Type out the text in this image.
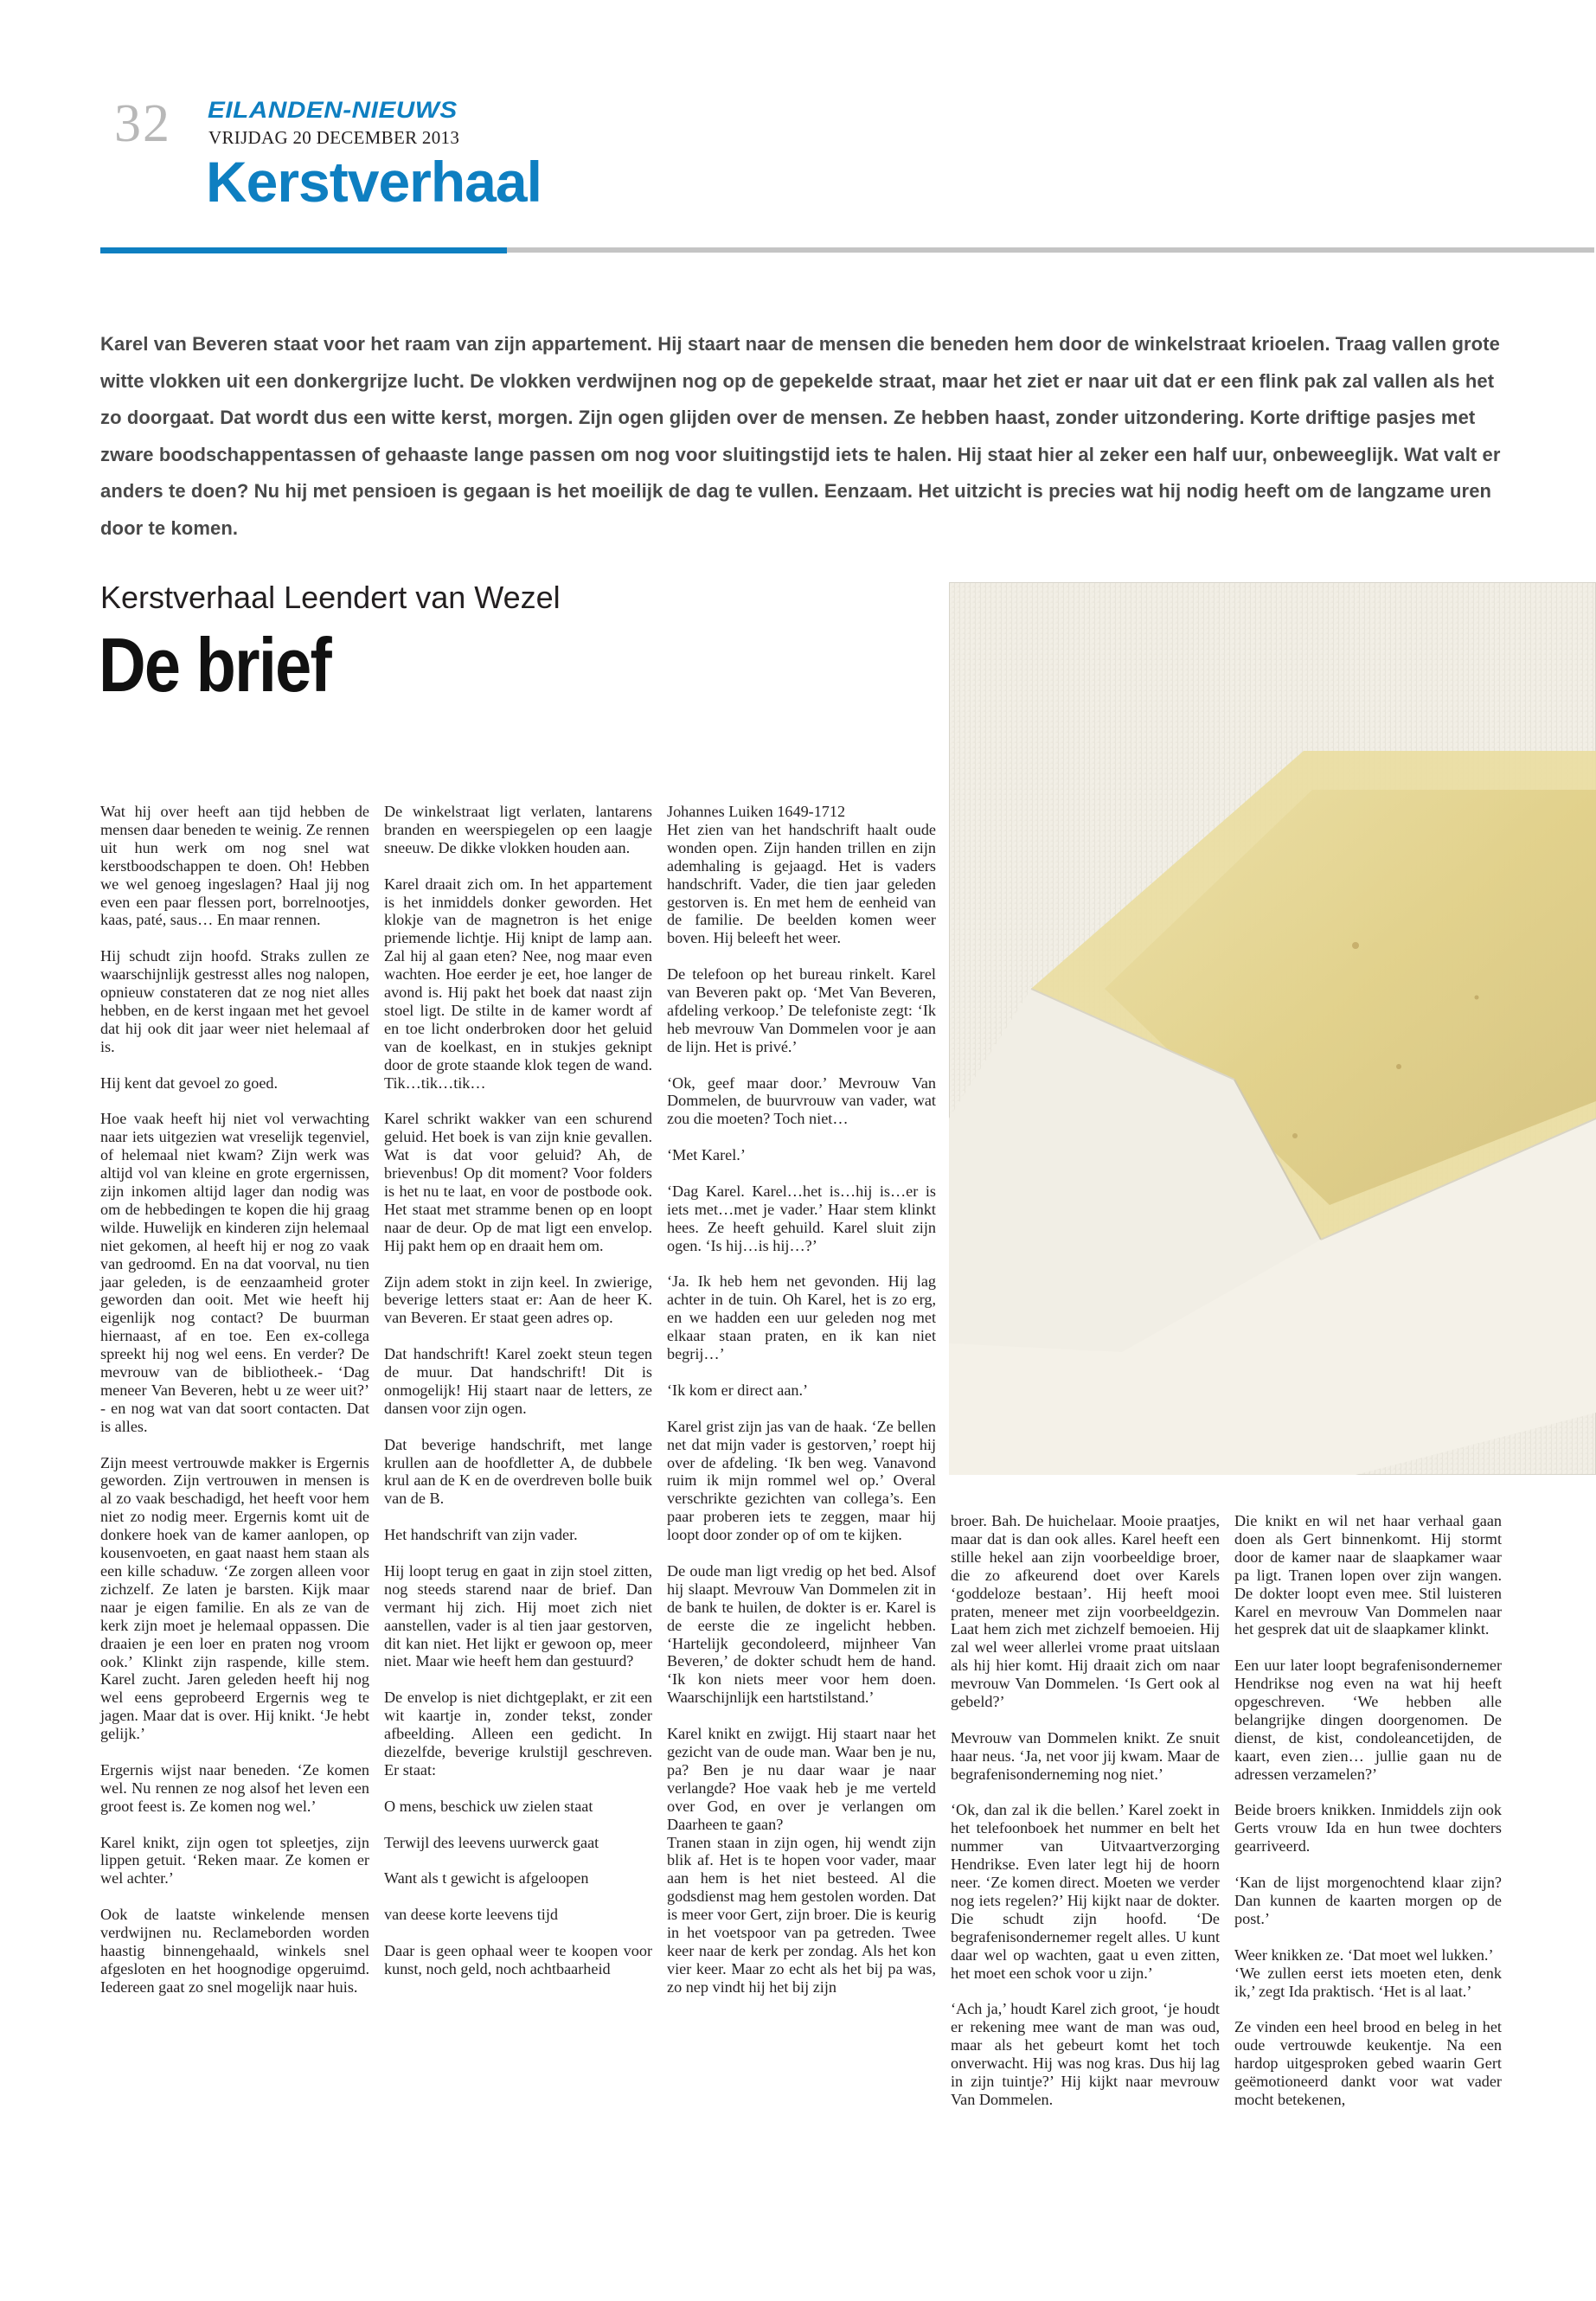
32 EILANDEN-NIEUWS
VRIJDAG 20 DECEMBER 2013
Kerstverhaal

Karel van Beveren staat voor het raam van zijn appartement. Hij staart naar de mensen die beneden hem door de winkelstraat krioelen. Traag vallen grote witte vlokken uit een donkergrijze lucht. De vlokken verdwijnen nog op de gepekelde straat, maar het ziet er naar uit dat er een flink pak zal vallen als het zo doorgaat. Dat wordt dus een witte kerst, morgen. Zijn ogen glijden over de mensen. Ze hebben haast, zonder uitzondering. Korte driftige pasjes met zware boodschappentassen of gehaaste lange passen om nog voor sluitingstijd iets te halen. Hij staat hier al zeker een half uur, onbeweeglijk. Wat valt er anders te doen? Nu hij met pensioen is gegaan is het moeilijk de dag te vullen. Eenzaam. Het uitzicht is precies wat hij nodig heeft om de langzame uren door te komen.

Kerstverhaal Leendert van Wezel
De brief

Wat hij over heeft aan tijd hebben de mensen daar beneden te weinig. Ze rennen uit hun werk om nog snel wat kerstboodschappen te doen. Oh! Hebben we wel genoeg ingeslagen? Haal jij nog even een paar flessen port, borrelnootjes, kaas, paté, saus… En maar rennen.

Hij schudt zijn hoofd. Straks zullen ze waarschijnlijk gestresst alles nog nalopen, opnieuw constateren dat ze nog niet alles hebben, en de kerst ingaan met het gevoel dat hij ook dit jaar weer niet helemaal af is.

Hij kent dat gevoel zo goed.

Hoe vaak heeft hij niet vol verwachting naar iets uitgezien wat vreselijk tegenviel, of helemaal niet kwam? Zijn werk was altijd vol van kleine en grote ergernissen, zijn inkomen altijd lager dan nodig was om de hebbedingen te kopen die hij graag wilde. Huwelijk en kinderen zijn helemaal niet gekomen, al heeft hij er nog zo vaak van gedroomd. En na dat voorval, nu tien jaar geleden, is de eenzaamheid groter geworden dan ooit. Met wie heeft hij eigenlijk nog contact? De buurman hiernaast, af en toe. Een ex-collega spreekt hij nog wel eens. En verder? De mevrouw van de bibliotheek.- ‘Dag meneer Van Beveren, hebt u ze weer uit?’ - en nog wat van dat soort contacten. Dat is alles.

Zijn meest vertrouwde makker is Ergernis geworden. Zijn vertrouwen in mensen is al zo vaak beschadigd, het heeft voor hem niet zo nodig meer. Ergernis komt uit de donkere hoek van de kamer aanlopen, op kousenvoeten, en gaat naast hem staan als een kille schaduw. ‘Ze zorgen alleen voor zichzelf. Ze laten je barsten. Kijk maar naar je eigen familie. En als ze van de kerk zijn moet je helemaal oppassen. Die draaien je een loer en praten nog vroom ook.’ Klinkt zijn raspende, kille stem. Karel zucht. Jaren geleden heeft hij nog wel eens geprobeerd Ergernis weg te jagen. Maar dat is over. Hij knikt. ‘Je hebt gelijk.’

Ergernis wijst naar beneden. ‘Ze komen wel. Nu rennen ze nog alsof het leven een groot feest is. Ze komen nog wel.’

Karel knikt, zijn ogen tot spleetjes, zijn lippen getuit. ‘Reken maar. Ze komen er wel achter.’

Ook de laatste winkelende mensen verdwijnen nu. Reclameborden worden haastig binnengehaald, winkels snel afgesloten en het hoognodige opgeruimd. Iedereen gaat zo snel mogelijk naar huis.

De winkelstraat ligt verlaten, lantarens branden en weerspiegelen op een laagje sneeuw. De dikke vlokken houden aan.

Karel draait zich om. In het appartement is het inmiddels donker geworden. Het klokje van de magnetron is het enige priemende lichtje. Hij knipt de lamp aan. Zal hij al gaan eten? Nee, nog maar even wachten. Hoe eerder je eet, hoe langer de avond is. Hij pakt het boek dat naast zijn stoel ligt. De stilte in de kamer wordt af en toe licht onderbroken door het geluid van de koelkast, en in stukjes geknipt door de grote staande klok tegen de wand. Tik…tik…tik…

Karel schrikt wakker van een schurend geluid. Het boek is van zijn knie gevallen. Wat is dat voor geluid? Ah, de brievenbus! Op dit moment? Voor folders is het nu te laat, en voor de postbode ook. Het staat met stramme benen op en loopt naar de deur. Op de mat ligt een envelop. Hij pakt hem op en draait hem om.

Zijn adem stokt in zijn keel. In zwierige, beverige letters staat er: Aan de heer K. van Beveren. Er staat geen adres op.

Dat handschrift! Karel zoekt steun tegen de muur. Dat handschrift! Dit is onmogelijk! Hij staart naar de letters, ze dansen voor zijn ogen.

Dat beverige handschrift, met lange krullen aan de hoofdletter A, de dubbele krul aan de K en de overdreven bolle buik van de B.

Het handschrift van zijn vader.

Hij loopt terug en gaat in zijn stoel zitten, nog steeds starend naar de brief. Dan vermant hij zich. Hij moet zich niet aanstellen, vader is al tien jaar gestorven, dit kan niet. Het lijkt er gewoon op, meer niet. Maar wie heeft hem dan gestuurd?

De envelop is niet dichtgeplakt, er zit een wit kaartje in, zonder tekst, zonder afbeelding. Alleen een gedicht. In diezelfde, beverige krulstijl geschreven. Er staat:

O mens, beschick uw zielen staat

Terwijl des leevens uurwerck gaat

Want als t gewicht is afgeloopen

van deese korte leevens tijd

Daar is geen ophaal weer te koopen voor kunst, noch geld, noch achtbaarheid

Johannes Luiken 1649-1712
Het zien van het handschrift haalt oude wonden open. Zijn handen trillen en zijn ademhaling is gejaagd. Het is vaders handschrift. Vader, die tien jaar geleden gestorven is. En met hem de eenheid van de familie. De beelden komen weer boven. Hij beleeft het weer.

De telefoon op het bureau rinkelt. Karel van Beveren pakt op. ‘Met Van Beveren, afdeling verkoop.’ De telefoniste zegt: ‘Ik heb mevrouw Van Dommelen voor je aan de lijn. Het is privé.’

‘Ok, geef maar door.’ Mevrouw Van Dommelen, de buurvrouw van vader, wat zou die moeten? Toch niet…

‘Met Karel.’

‘Dag Karel. Karel…het is…hij is…er is iets met…met je vader.’ Haar stem klinkt hees. Ze heeft gehuild. Karel sluit zijn ogen. ‘Is hij…is hij…?’

‘Ja. Ik heb hem net gevonden. Hij lag achter in de tuin. Oh Karel, het is zo erg, en we hadden een uur geleden nog met elkaar staan praten, en ik kan niet begrij…’

‘Ik kom er direct aan.’

Karel grist zijn jas van de haak. ‘Ze bellen net dat mijn vader is gestorven,’ roept hij over de afdeling. ‘Ik ben weg. Vanavond ruim ik mijn rommel wel op.’ Overal verschrikte gezichten van collega’s. Een paar proberen iets te zeggen, maar hij loopt door zonder op of om te kijken.

De oude man ligt vredig op het bed. Alsof hij slaapt. Mevrouw Van Dommelen zit in de bank te huilen, de dokter is er. Karel is de eerste die ze ingelicht hebben. ‘Hartelijk gecondoleerd, mijnheer Van Beveren,’ de dokter schudt hem de hand. ‘Ik kon niets meer voor hem doen. Waarschijnlijk een hartstilstand.’

Karel knikt en zwijgt. Hij staart naar het gezicht van de oude man. Waar ben je nu, pa? Ben je nu daar waar je naar verlangde? Hoe vaak heb je me verteld over God, en over je verlangen om Daarheen te gaan?
Tranen staan in zijn ogen, hij wendt zijn blik af. Het is te hopen voor vader, maar aan hem is het niet besteed. Al die godsdienst mag hem gestolen worden. Dat is meer voor Gert, zijn broer. Die is keurig in het voetspoor van pa getreden. Twee keer naar de kerk per zondag. Als het kon vier keer. Maar zo echt als het bij pa was, zo nep vindt hij het bij zijn

broer. Bah. De huichelaar. Mooie praatjes, maar dat is dan ook alles. Karel heeft een stille hekel aan zijn voorbeeldige broer, die zo afkeurend doet over Karels ‘goddeloze bestaan’. Hij heeft mooi praten, meneer met zijn voorbeeldgezin. Laat hem zich met zichzelf bemoeien. Hij zal wel weer allerlei vrome praat uitslaan als hij hier komt. Hij draait zich om naar mevrouw Van Dommelen. ‘Is Gert ook al gebeld?’

Mevrouw van Dommelen knikt. Ze snuit haar neus. ‘Ja, net voor jij kwam. Maar de begrafenisonderneming nog niet.’

‘Ok, dan zal ik die bellen.’ Karel zoekt in het telefoonboek het nummer en belt het nummer van Uitvaartverzorging Hendrikse. Even later legt hij de hoorn neer. ‘Ze komen direct. Moeten we verder nog iets regelen?’ Hij kijkt naar de dokter. Die schudt zijn hoofd. ‘De begrafenisondernemer regelt alles. U kunt daar wel op wachten, gaat u even zitten, het moet een schok voor u zijn.’

‘Ach ja,’ houdt Karel zich groot, ‘je houdt er rekening mee want de man was oud, maar als het gebeurt komt het toch onverwacht. Hij was nog kras. Dus hij lag in zijn tuintje?’ Hij kijkt naar mevrouw Van Dommelen.

Die knikt en wil net haar verhaal gaan doen als Gert binnenkomt. Hij stormt door de kamer naar de slaapkamer waar pa ligt. Tranen lopen over zijn wangen. De dokter loopt even mee. Stil luisteren Karel en mevrouw Van Dommelen naar het gesprek dat uit de slaapkamer klinkt.

Een uur later loopt begrafenisondernemer Hendrikse nog even na wat hij heeft opgeschreven. ‘We hebben alle belangrijke dingen doorgenomen. De dienst, de kist, condoleancetijden, de kaart, even zien… jullie gaan nu de adressen verzamelen?’

Beide broers knikken. Inmiddels zijn ook Gerts vrouw Ida en hun twee dochters gearriveerd.

‘Kan de lijst morgenochtend klaar zijn? Dan kunnen de kaarten morgen op de post.’

Weer knikken ze. ‘Dat moet wel lukken.’
‘We zullen eerst iets moeten eten, denk ik,’ zegt Ida praktisch. ‘Het is al laat.’

Ze vinden een heel brood en beleg in het oude vertrouwde keukentje. Na een hardop uitgesproken gebed waarin Gert geëmotioneerd dankt voor wat vader mocht betekenen,
